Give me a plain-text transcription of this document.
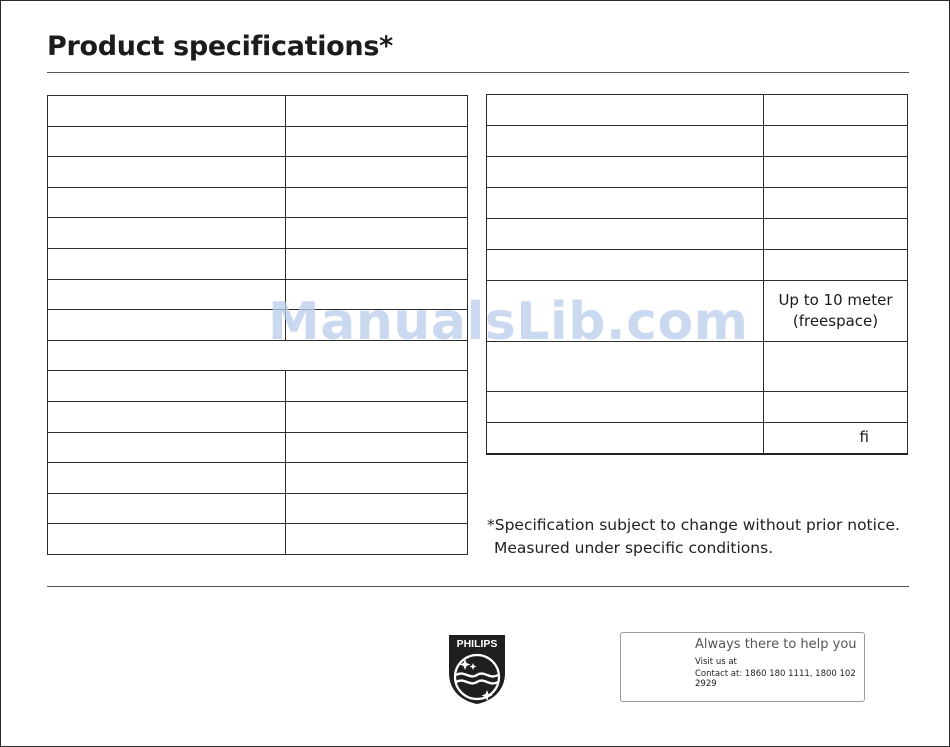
Product specifications*

	Up to 10 meter
(freespace)

	ﬁ
ManualsLib.com
*Specification subject to change without prior notice.
Measured under specific conditions.
PHILIPS	Always there to help you
Visit us at
Contact at: 1860 180 1111, 1800 102 2929
